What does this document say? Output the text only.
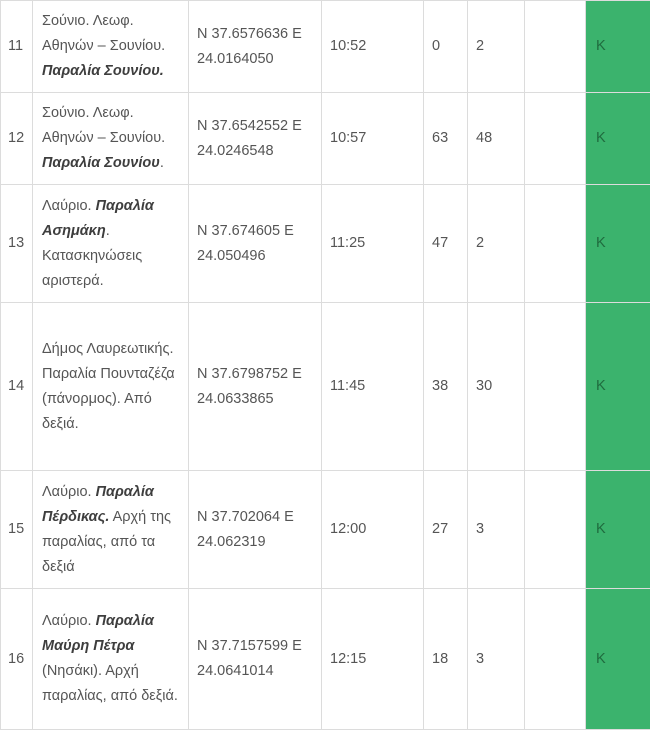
11	Σούνιο. Λεωφ. Αθηνών – Σουνίου. Παραλία Σουνίου.	N 37.6576636 E 24.0164050	10:52	0	2		K
12	Σούνιο. Λεωφ. Αθηνών – Σουνίου. Παραλία Σουνίου.	N 37.6542552 E 24.0246548	10:57	63	48		K
13	Λαύριο. Παραλία Ασημάκη. Κατασκηνώσεις αριστερά.	N 37.674605 E 24.050496	11:25	47	2		K
14	Δήμος Λαυρεωτικής. Παραλία Πουνταζέζα (πάνορμος). Από δεξιά.	N 37.6798752 E 24.0633865	11:45	38	30		K
15	Λαύριο. Παραλία Πέρδικας. Αρχή της παραλίας, από τα δεξιά	N 37.702064 E 24.062319	12:00	27	3		K
16	Λαύριο. Παραλία Μαύρη Πέτρα (Νησάκι). Αρχή παραλίας, από δεξιά.	N 37.7157599 E 24.0641014	12:15	18	3		K
